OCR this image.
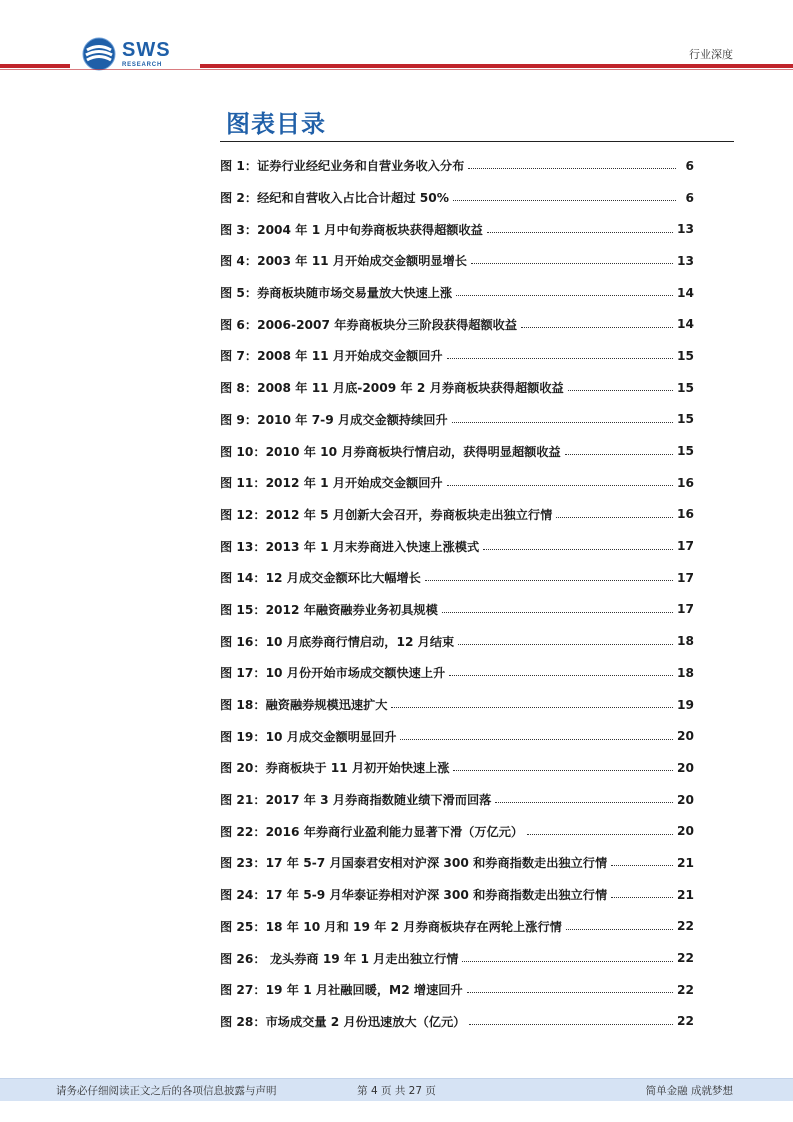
SWS
RESEARCH
行业深度
图表目录
图 1：证券行业经纪业务和自营业务收入分布	6
图 2：经纪和自营收入占比合计超过 50%	6
图 3：2004 年 1 月中旬券商板块获得超额收益	13
图 4：2003 年 11 月开始成交金额明显增长	13
图 5：券商板块随市场交易量放大快速上涨	14
图 6：2006-2007 年券商板块分三阶段获得超额收益	14
图 7：2008 年 11 月开始成交金额回升	15
图 8：2008 年 11 月底-2009 年 2 月券商板块获得超额收益	15
图 9：2010 年 7-9 月成交金额持续回升	15
图 10：2010 年 10 月券商板块行情启动，获得明显超额收益	15
图 11：2012 年 1 月开始成交金额回升	16
图 12：2012 年 5 月创新大会召开，券商板块走出独立行情	16
图 13：2013 年 1 月末券商进入快速上涨模式	17
图 14：12 月成交金额环比大幅增长	17
图 15：2012 年融资融券业务初具规模	17
图 16：10 月底券商行情启动，12 月结束	18
图 17：10 月份开始市场成交额快速上升	18
图 18：融资融券规模迅速扩大	19
图 19：10 月成交金额明显回升	20
图 20：券商板块于 11 月初开始快速上涨	20
图 21：2017 年 3 月券商指数随业绩下滑而回落	20
图 22：2016 年券商行业盈利能力显著下滑（万亿元）	20
图 23：17 年 5-7 月国泰君安相对沪深 300 和券商指数走出独立行情	21
图 24：17 年 5-9 月华泰证券相对沪深 300 和券商指数走出独立行情	21
图 25：18 年 10 月和 19 年 2 月券商板块存在两轮上涨行情	22
图 26： 龙头券商 19 年 1 月走出独立行情	22
图 27：19 年 1 月社融回暖，M2 增速回升	22
图 28：市场成交量 2 月份迅速放大（亿元）	22
请务必仔细阅读正文之后的各项信息披露与声明	第 4 页 共 27 页	简单金融 成就梦想
